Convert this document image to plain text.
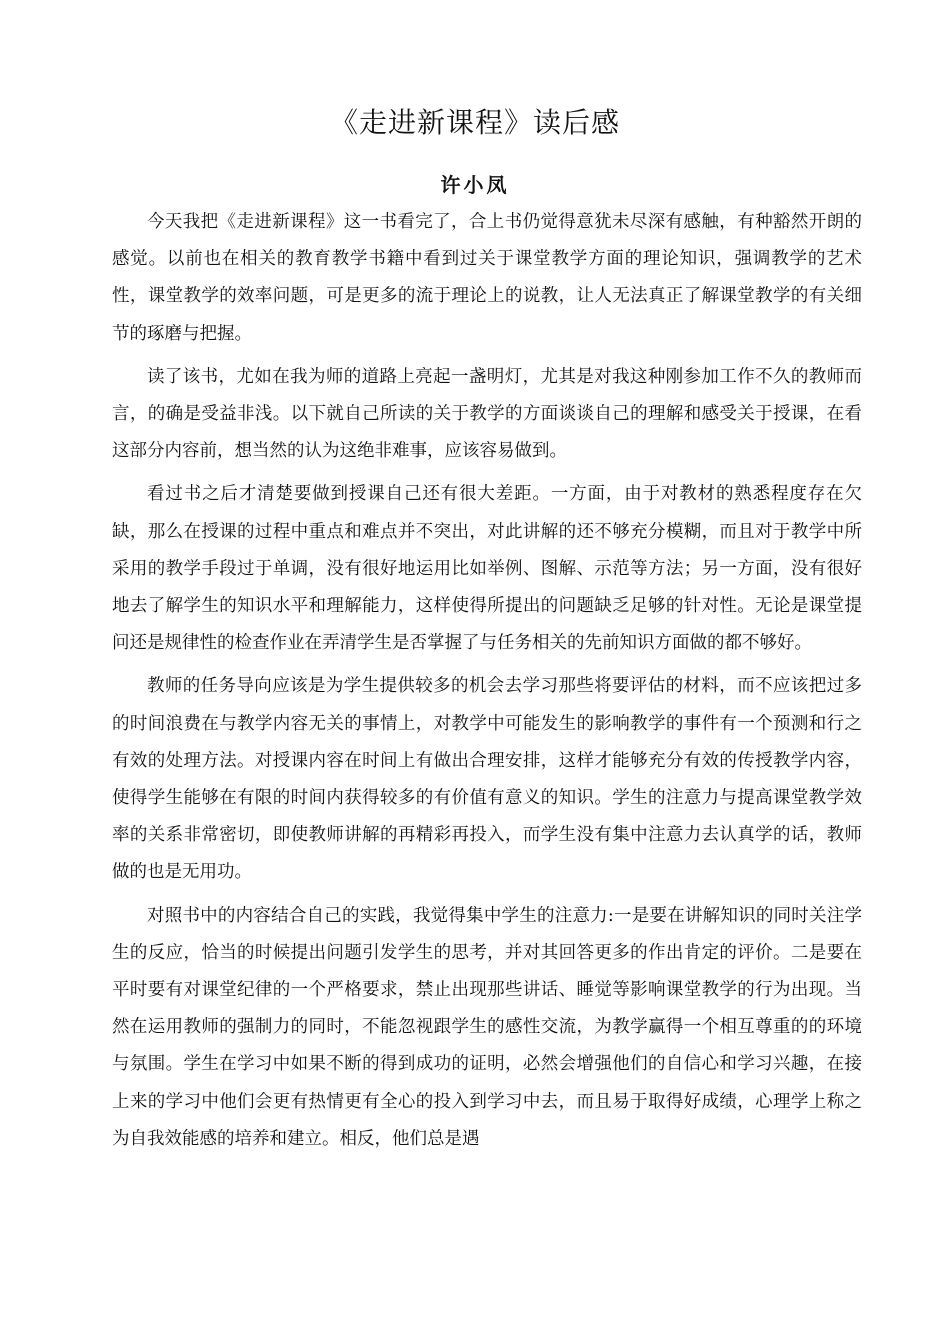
《走进新课程》读后感
许小凤

今天我把《走进新课程》这一书看完了，合上书仍觉得意犹未尽深有感触，有种豁然开朗的感觉。以前也在相关的教育教学书籍中看到过关于课堂教学方面的理论知识，强调教学的艺术性，课堂教学的效率问题，可是更多的流于理论上的说教，让人无法真正了解课堂教学的有关细节的琢磨与把握。

读了该书，尤如在我为师的道路上亮起一盏明灯，尤其是对我这种刚参加工作不久的教师而言，的确是受益非浅。以下就自己所读的关于教学的方面谈谈自己的理解和感受关于授课，在看这部分内容前，想当然的认为这绝非难事，应该容易做到。

看过书之后才清楚要做到授课自己还有很大差距。一方面，由于对教材的熟悉程度存在欠缺，那么在授课的过程中重点和难点并不突出，对此讲解的还不够充分模糊，而且对于教学中所采用的教学手段过于单调，没有很好地运用比如举例、图解、示范等方法；另一方面，没有很好地去了解学生的知识水平和理解能力，这样使得所提出的问题缺乏足够的针对性。无论是课堂提问还是规律性的检查作业在弄清学生是否掌握了与任务相关的先前知识方面做的都不够好。

教师的任务导向应该是为学生提供较多的机会去学习那些将要评估的材料，而不应该把过多的时间浪费在与教学内容无关的事情上，对教学中可能发生的影响教学的事件有一个预测和行之有效的处理方法。对授课内容在时间上有做出合理安排，这样才能够充分有效的传授教学内容，使得学生能够在有限的时间内获得较多的有价值有意义的知识。学生的注意力与提高课堂教学效率的关系非常密切，即使教师讲解的再精彩再投入，而学生没有集中注意力去认真学的话，教师做的也是无用功。

对照书中的内容结合自己的实践，我觉得集中学生的注意力:一是要在讲解知识的同时关注学生的反应，恰当的时候提出问题引发学生的思考，并对其回答更多的作出肯定的评价。二是要在平时要有对课堂纪律的一个严格要求，禁止出现那些讲话、睡觉等影响课堂教学的行为出现。当然在运用教师的强制力的同时，不能忽视跟学生的感性交流，为教学赢得一个相互尊重的的环境与氛围。学生在学习中如果不断的得到成功的证明，必然会增强他们的自信心和学习兴趣，在接上来的学习中他们会更有热情更有全心的投入到学习中去，而且易于取得好成绩，心理学上称之为自我效能感的培养和建立。相反，他们总是遇
